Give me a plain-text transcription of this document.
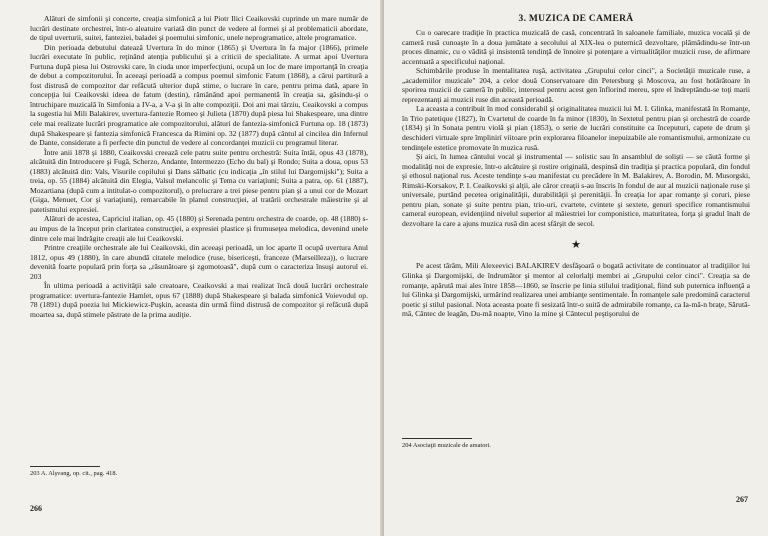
Alături de simfonii şi concerte, creaţia simfonică a lui Piotr Ilici Ceaikovski cuprinde un mare număr de lucrări destinate orchestrei, într-o aleatuire variată din punct de vedere al formei şi al problematicii abordate, de tipul uverturii, suitei, fanteziei, baladei şi poemului simfonic, unele neprogramatice, altele programatice.

Din perioada debutului datează Uvertura în do minor (1865) şi Uvertura în fa major (1866), primele lucrări executate în public, reţinând atenţia publicului şi a criticii de specialitate. A urmat apoi Uvertura Furtuna după piesa lui Ostrovski care, în ciuda unor imperfecţiuni, ocupă un loc de mare importanţă în creaţia de debut a compozitorului. În aceeaşi perioadă a compus poemul simfonic Fatum (1868), a cărui partitură a fost distrusă de compozitor dar refăcută ulterior după stime, o lucrare în care, pentru prima dată, apare în concepţia lui Ceaikovski ideea de fatum (destin), rămânând apoi permanentă în creaţia sa, găsindu-şi o întruchipare muzicală în Simfonia a IV-a, a V-a şi în alte compoziţii. Doi ani mai târziu, Ceaikovski a compus la sugestia lui Mili Balakirev, uvertura-fantezie Romeo şi Julieta (1870) după piesa lui Shakespeare, una dintre cele mai realizate lucrări programatice ale compozitorului, alături de fantezia-simfonică Furtuna op. 18 (1873) după Shakespeare şi fantezia simfonică Francesca da Rimini op. 32 (1877) după cântul al cincilea din Infernul de Dante, considerate a fi perfecte din punctul de vedere al concordanţei muzicii cu programul literar.

Între anii 1878 şi 1880, Ceaikovski creează cele patru suite pentru orchestră: Suita întâi, opus 43 (1878), alcătuită din Introducere şi Fugă, Scherzo, Andante, Intermezzo (Echo du bal) şi Rondo; Suita a doua, opus 53 (1883) alcătuită din: Vals, Visurile copilului şi Dans sălbatic (cu indicaţia „în stilul lui Dargomijski"); Suita a treia, op. 55 (1884) alcătuită din Elegia, Valsul melancolic şi Tema cu variaţiuni; Suita a patra, op. 61 (1887), Mozartiana (după cum a intitulat-o compozitorul), o prelucrare a trei piese pentru pian şi a unui cor de Mozart (Giga, Menuet, Cor şi variaţiuni), remarcabile în planul construcţiei, al tratării orchestrale măiestrite şi al patetismului expresiei.

Alături de acestea, Capriciul italian, op. 45 (1880) şi Serenada pentru orchestra de coarde, op. 48 (1880) s-au impus de la început prin claritatea construcţiei, a expresiei plastice şi frumuseţea melodica, devenind unele dintre cele mai îndrăgite creaţii ale lui Ceaikovski.

Printre creaţiile orchestrale ale lui Ceaikovski, din aceeaşi perioadă, un loc aparte îl ocupă uvertura Anul 1812, opus 49 (1880), în care abundă citatele melodice (ruse, bisericeşti, franceze (Marseilleza)), o lucrare devenită foarte populară prin forţa sa „răsunătoare şi zgomotoasă", după cum o caracteriza însuşi autorul ei. 203

În ultima perioadă a activităţii sale creatoare, Ceaikovski a mai realizat încă două lucrări orchestrale programatice: uvertura-fantezie Hamlet, opus 67 (1888) după Shakespeare şi balada simfonică Voievodul op. 78 (1891) după poezia lui Mickiewicz-Puşkin, aceasta din urmă fiind distrusă de compozitor şi refăcută după moartea sa, după stimele păstrate de la prima audiţie.

203 A. Alşvang, op. cit., pag. 418.
266
3. MUZICA DE CAMERĂ

Cu o oarecare tradiţie în practica muzicală de casă, concentrată în saloanele familiale, muzica vocală şi de cameră rusă cunoaşte în a doua jumătate a secolului al XIX-lea o puternică dezvoltare, plămădindu-se într-un proces dinamic, cu o vădită şi insistentă tendinţă de înnoire şi potenţare a virtualităţilor muzicii ruse, de afirmare accentuată a specificului naţional.

Schimbările produse în mentalitatea ruşă, activitatea „Grupului celor cinci", a Societăţii muzicale ruse, a „academiilor muzicale" 204, a celor două Conservatoare din Petersburg şi Moscova, au fost hotărâtoare în sporirea muzicii de cameră în public, interesul pentru acest gen înflorind mereu, spre el îndreptându-se toţi marii reprezentanţi ai muzicii ruse din această perioadă.

La aceasta a contribuit în mod considerabil şi originalitatea muzicii lui M. I. Glinka, manifestată în Romanţe, în Trio patetique (1827), în Cvartetul de coarde în fa minor (1830), în Sextetul pentru pian şi orchestră de coarde (1834) şi în Sonata pentru violă şi pian (1853), o serie de lucrări constituite ca începuturi, capete de drum şi deschideri virtuale spre împlinirí viitoare prin explorarea filoanelor inepuizabile ale romantismului, armonizate cu tendinţele estetice promovate în muzica rusă.

Şi aici, în lumea cântului vocal şi instrumental — solistic sau în ansamblul de solişti — se căută forme şi modalităţi noi de expresie, într-o alcătuire şi rostire originală, despinsă din tradiţia şi practica populară, din fondul şi ethosul naţional rus. Aceste tendinţe s-au manifestat cu precădere în M. Balakirev, A. Borodin, M. Musorgski, Rimski-Korsakov, P. I. Ceaikovski şi alţii, ale căror creaţii s-au înscris în fondul de aur al muzicii naţionale ruse şi universale, purtând pecetea originalităţii, durabilităţii şi perenităţii. În creaţia lor apar romanţe şi coruri, piese pentru pian, sonate şi suite pentru pian, trio-uri, cvartete, cvintete şi sextete, genuri specifice romantismului cameral european, evidenţiind nivelul superior al măiestriei lor componistice, maturitatea, forţa şi gradul înalt de dezvoltare la care a ajuns muzica rusă din acest sfârşit de secol.

★

Pe acest tărâm, Mili Alexeevici BALAKIREV desfăşoară o bogată activitate de continuator al tradiţiilor lui Glinka şi Dargomijski, de îndrumător şi mentor al celorlalţi membri ai „Grupului celor cinci". Creaţia sa de romanţe, apărută mai ales între 1858—1860, se înscrie pe linia stilului tradiţional, fiind sub puternica influenţă a lui Glinka şi Dargomijski, urmărind realizarea unei ambianţe sentimentale. În romanţele sale predomină caracterul poetic şi stilul pasional. Nota aceasta poate fi sesizată într-o suită de admirabile romanţe, ca Ia-mă-n braţe, Sărută-mă, Cântec de leagăn, Du-mă noapte, Vino la mine şi Cântecul peştişorului de

204 Asociaţii muzicale de amatori.
267
